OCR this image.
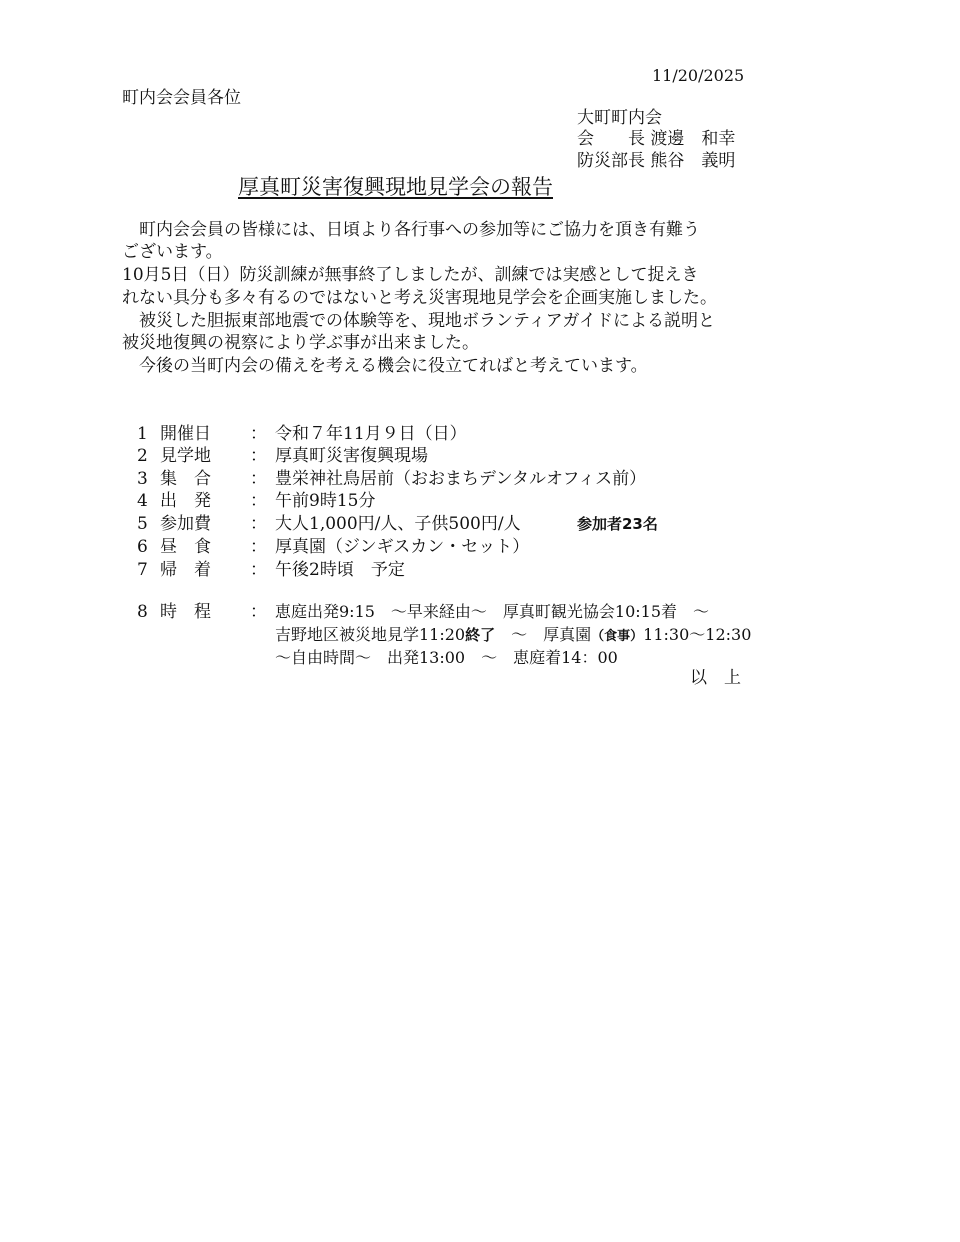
11/20/2025
町内会会員各位
大町町内会
会　　長 渡邊　和幸
防災部長 熊谷　義明
厚真町災害復興現地見学会の報告
　町内会会員の皆様には、日頃より各行事への参加等にご協力を頂き有難う
ございます。
10月5日（日）防災訓練が無事終了しましたが、訓練では実感として捉えき
れない具分も多々有るのではないと考え災害現地見学会を企画実施しました。
　被災した胆振東部地震での体験等を、現地ボランティアガイドによる説明と
被災地復興の視察により学ぶ事が出来ました。
　今後の当町内会の備えを考える機会に役立てればと考えています。
1 開催日 ： 令和７年11月９日（日）
2 見学地 ： 厚真町災害復興現場
3 集　合 ： 豊栄神社鳥居前（おおまちデンタルオフィス前）
4 出　発 ： 午前9時15分
5 参加費 ： 大人1,000円/人、子供500円/人	参加者23名
6 昼　食 ： 厚真園（ジンギスカン・セット）
7 帰　着 ： 午後2時頃　予定
8 時　程 ： 恵庭出発9:15　～早来経由～　厚真町観光協会10:15着　～
吉野地区被災地見学11:20終了　～　厚真園（食事）11:30～12:30
～自由時間～　出発13:00　～　恵庭着14：00
以　上
